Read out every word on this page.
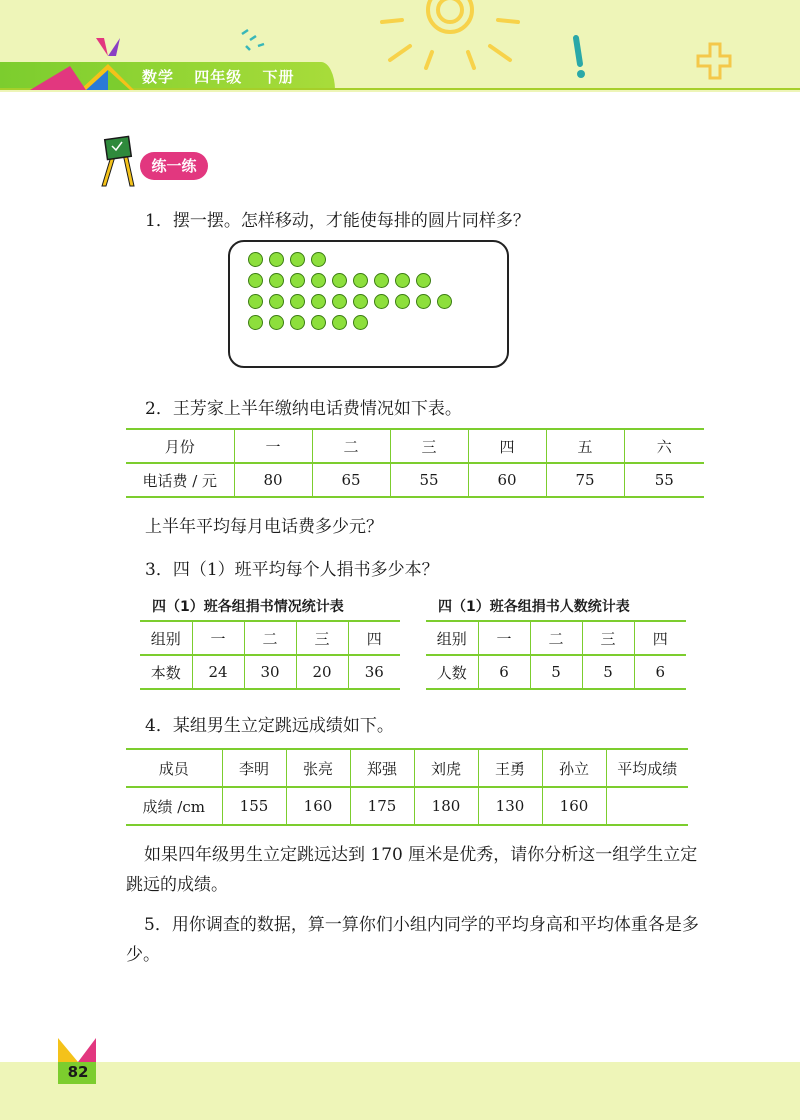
数学 四年级 下册
练一练
1．摆一摆。怎样移动，才能使每排的圆片同样多？
2．王芳家上半年缴纳电话费情况如下表。
月份	一	二	三	四	五	六
电话费 / 元	80	65	55	60	75	55
上半年平均每月电话费多少元？
3．四（1）班平均每个人捐书多少本？
四（1）班各组捐书情况统计表	四（1）班各组捐书人数统计表
组别	一	二	三	四
本数	24	30	20	36
组别	一	二	三	四
人数	6	5	5	6
4．某组男生立定跳远成绩如下。
成员	李明	张亮	郑强	刘虎	王勇	孙立	平均成绩
成绩 /cm	155	160	175	180	130	160	
如果四年级男生立定跳远达到 170 厘米是优秀，请你分析这一组学生立定跳远的成绩。
5．用你调查的数据，算一算你们小组内同学的平均身高和平均体重各是多少。
82
